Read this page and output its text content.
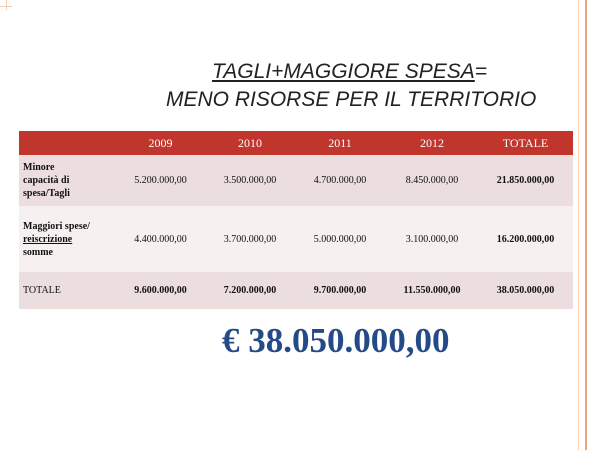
TAGLI+MAGGIORE SPESA=
MENO RISORSE PER IL TERRITORIO
	2009	2010	2011	2012	TOTALE

Minore
capacità di
spesa/Tagli	5.200.000,00	3.500.000,00	4.700.000,00	8.450.000,00	21.850.000,00

Maggiori spese/
reiscrizione
somme	4.400.000,00	3.700.000,00	5.000.000,00	3.100.000,00	16.200.000,00

TOTALE	9.600.000,00	7.200.000,00	9.700.000,00	11.550.000,00	38.050.000,00
€ 38.050.000,00
